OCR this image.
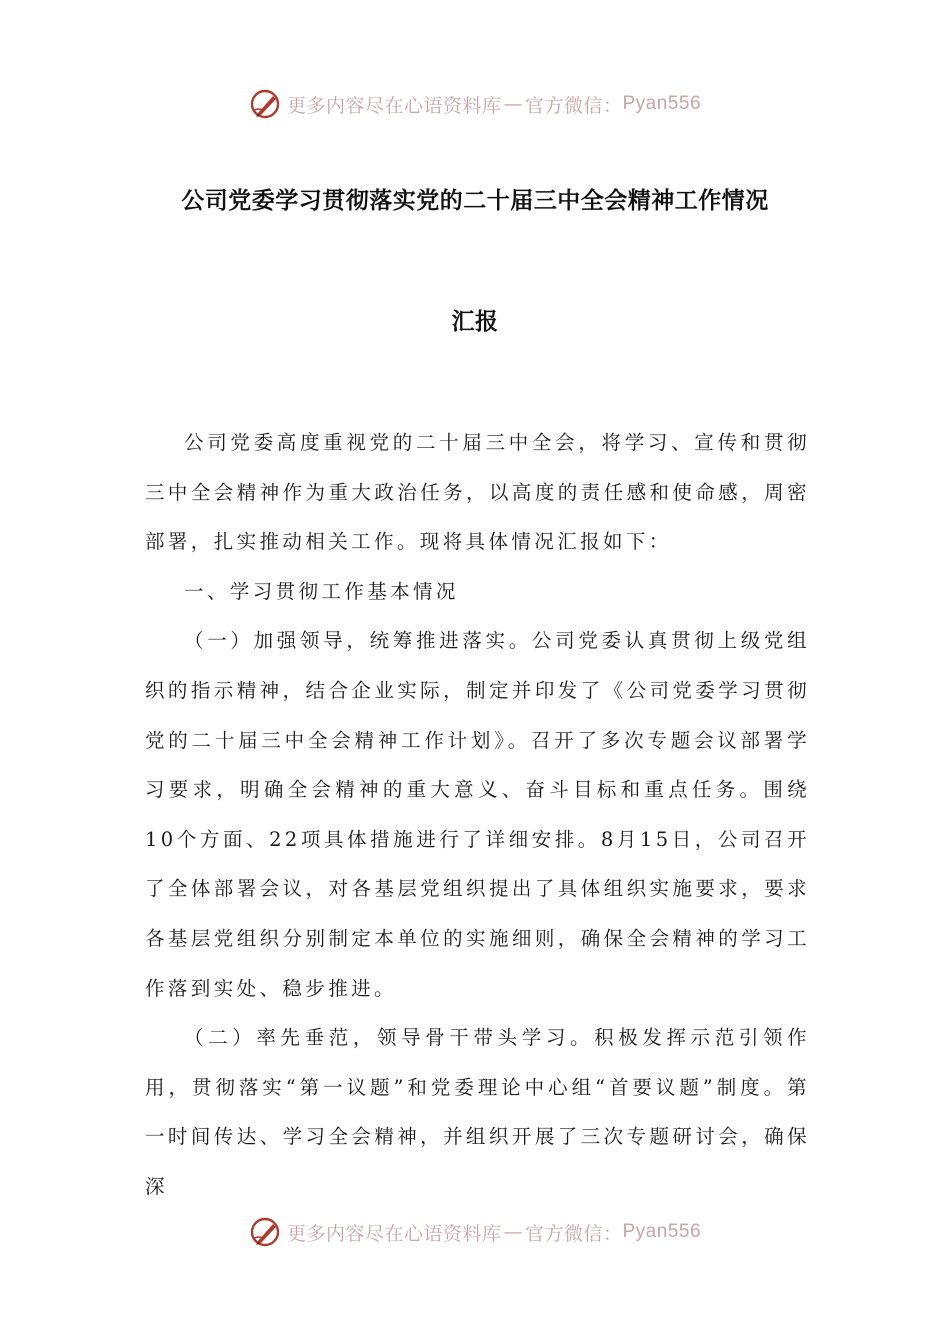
更多内容尽在心语资料库 — 官方微信： Pyan556
公司党委学习贯彻落实党的二十届三中全会精神工作情况
汇报

公司党委高度重视党的二十届三中全会，将学习、宣传和贯彻三中全会精神作为重大政治任务，以高度的责任感和使命感，周密部署，扎实推动相关工作。现将具体情况汇报如下：

一、学习贯彻工作基本情况

（一）加强领导，统筹推进落实。公司党委认真贯彻上级党组织的指示精神，结合企业实际，制定并印发了《公司党委学习贯彻党的二十届三中全会精神工作计划》。召开了多次专题会议部署学习要求，明确全会精神的重大意义、奋斗目标和重点任务。围绕10个方面、22项具体措施进行了详细安排。8月15日，公司召开了全体部署会议，对各基层党组织提出了具体组织实施要求，要求各基层党组织分别制定本单位的实施细则，确保全会精神的学习工作落到实处、稳步推进。

（二）率先垂范，领导骨干带头学习。积极发挥示范引领作用，贯彻落实“第一议题”和党委理论中心组“首要议题”制度。第一时间传达、学习全会精神，并组织开展了三次专题研讨会，确保深

更多内容尽在心语资料库 — 官方微信： Pyan556
